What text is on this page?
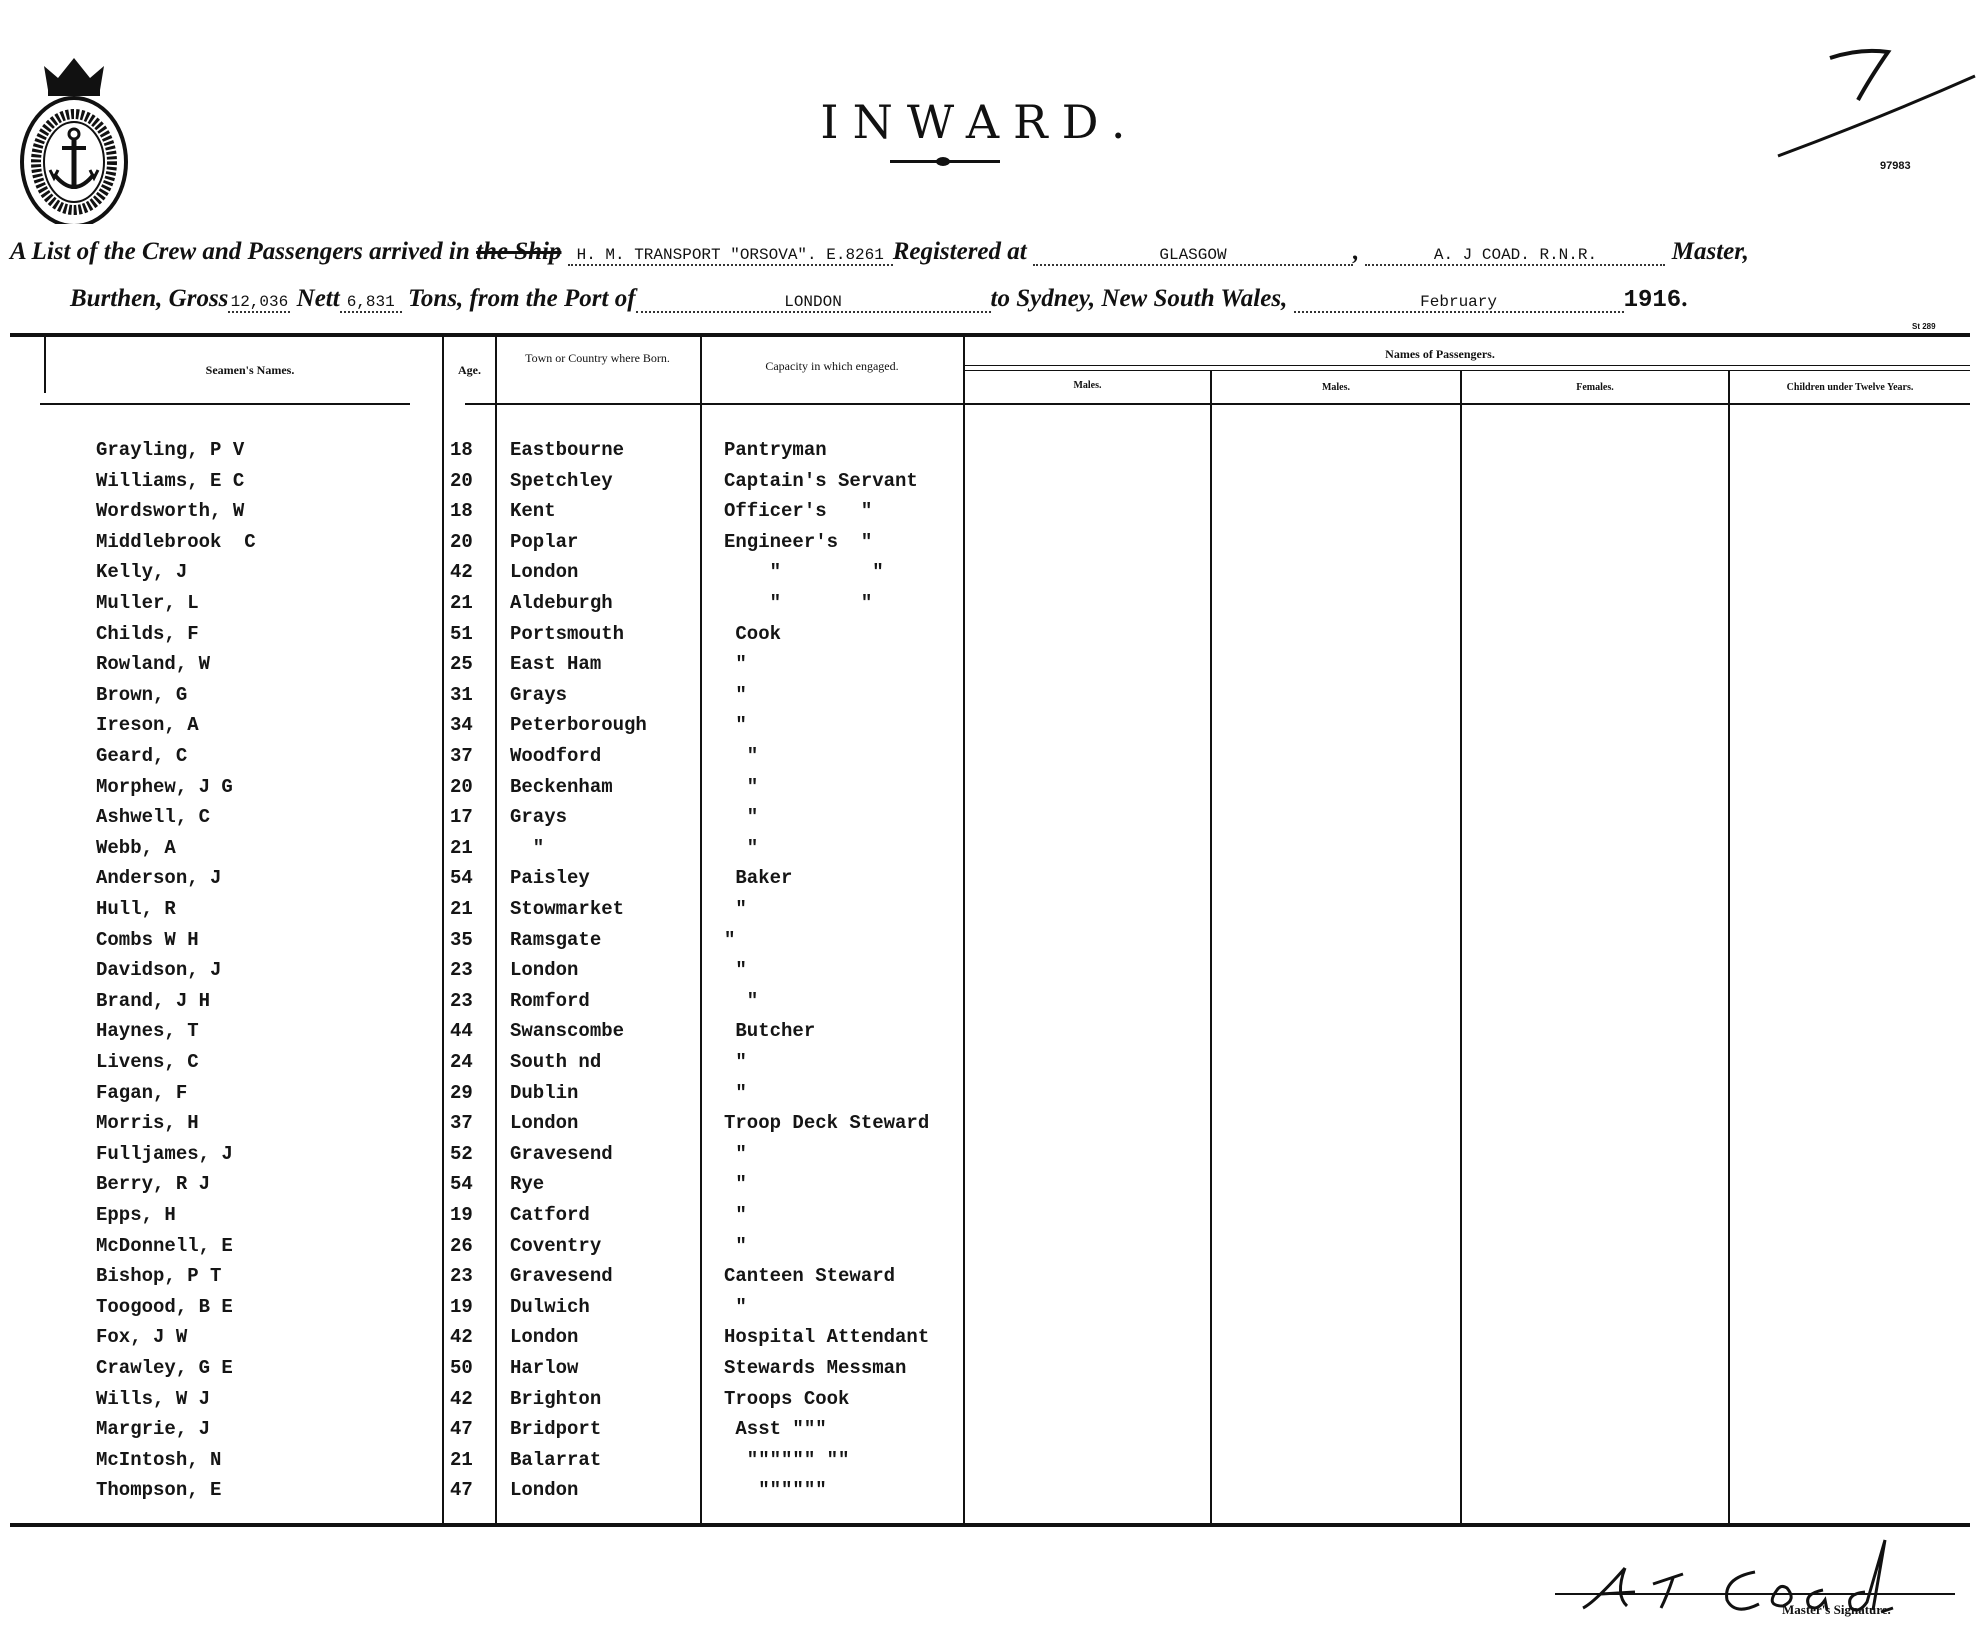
INWARD.
97983
A List of the Crew and Passengers arrived in the Ship H. M. TRANSPORT "ORSOVA". E.8261 Registered at	GLASGOW	,	A. J COAD. R.N.R.	Master,
Burthen, Gross 12,036 Nett 6,831 Tons, from the Port of	LONDON	to Sydney, New South Wales,	February	1916.
St 289
Seamen's Names.	Age.
Town or Country where Born.
Capacity in which engaged.
Names of Passengers.
Males.	Males.	Females.	Children under Twelve Years.
Grayling, P V	18 Eastbourne	Pantryman
Williams, E C	20 Spetchley	Captain's Servant
Wordsworth, W	18 Kent	Officer's   "
Middlebrook  C	20 Poplar	Engineer's  "
Kelly, J	42 London	"        "
Muller, L	21 Aldeburgh	"       "
Childs, F	51 Portsmouth	Cook
Rowland, W	25 East Ham	"
Brown, G	31 Grays	"
Ireson, A	34 Peterborough	"
Geard, C	37 Woodford	"
Morphew, J G	20 Beckenham	"
Ashwell, C	17 Grays	"
Webb, A	21 "	"
Anderson, J	54 Paisley	Baker
Hull, R	21 Stowmarket	"
Combs W H	35 Ramsgate	"
Davidson, J	23 London	"
Brand, J H	23 Romford	"
Haynes, T	44 Swanscombe	Butcher
Livens, C	24 South nd	"
Fagan, F	29 Dublin	"
Morris, H	37 London	Troop Deck Steward
Fulljames, J	52 Gravesend	"
Berry, R J	54 Rye	"
Epps, H	19 Catford	"
McDonnell, E	26 Coventry	"
Bishop, P T	23 Gravesend	Canteen Steward
Toogood, B E	19 Dulwich	"
Fox, J W	42 London	Hospital Attendant
Crawley, G E	50 Harlow	Stewards Messman
Wills, W J	42 Brighton	Troops Cook
Margrie, J	47 Bridport	Asst """
McIntosh, N	21 Balarrat	"""""" ""
Thompson, E	47 London	""""""
Master's Signature.
